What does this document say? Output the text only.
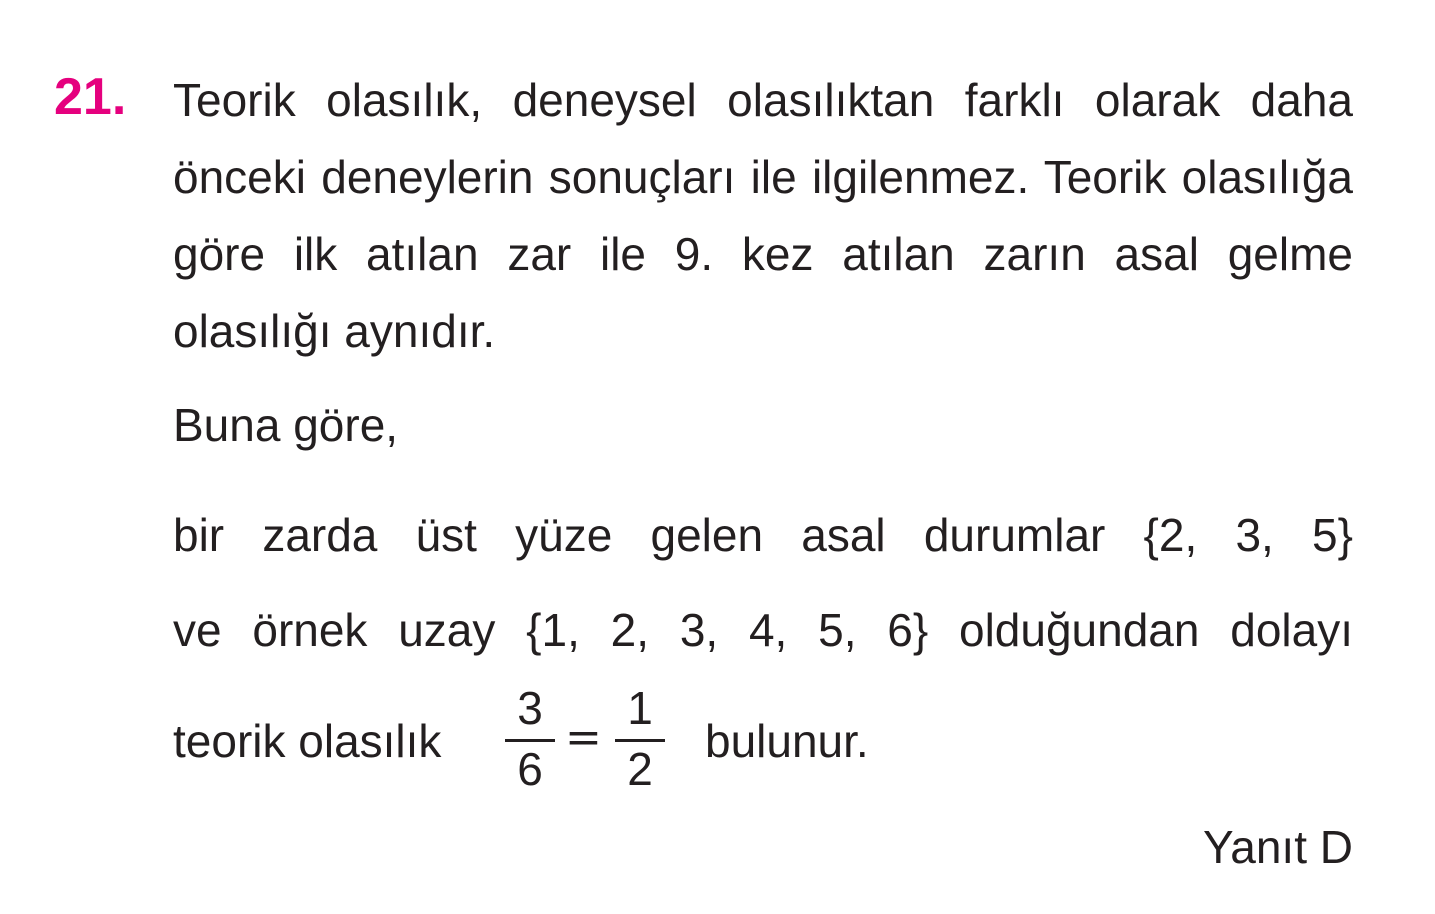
21. Teorik olasılık, deneysel olasılıktan farklı olarak daha önceki deneylerin sonuçları ile ilgilenmez. Teorik olasılığa göre ilk atılan zar ile 9. kez atılan zarın asal gelme olasılığı aynıdır.

Buna göre,

bir zarda üst yüze gelen asal durumlar {2, 3, 5}

ve örnek uzay {1, 2, 3, 4, 5, 6} olduğundan dolayı

teorik olasılık

3
6
=
1
2

bulunur.

Yanıt D
